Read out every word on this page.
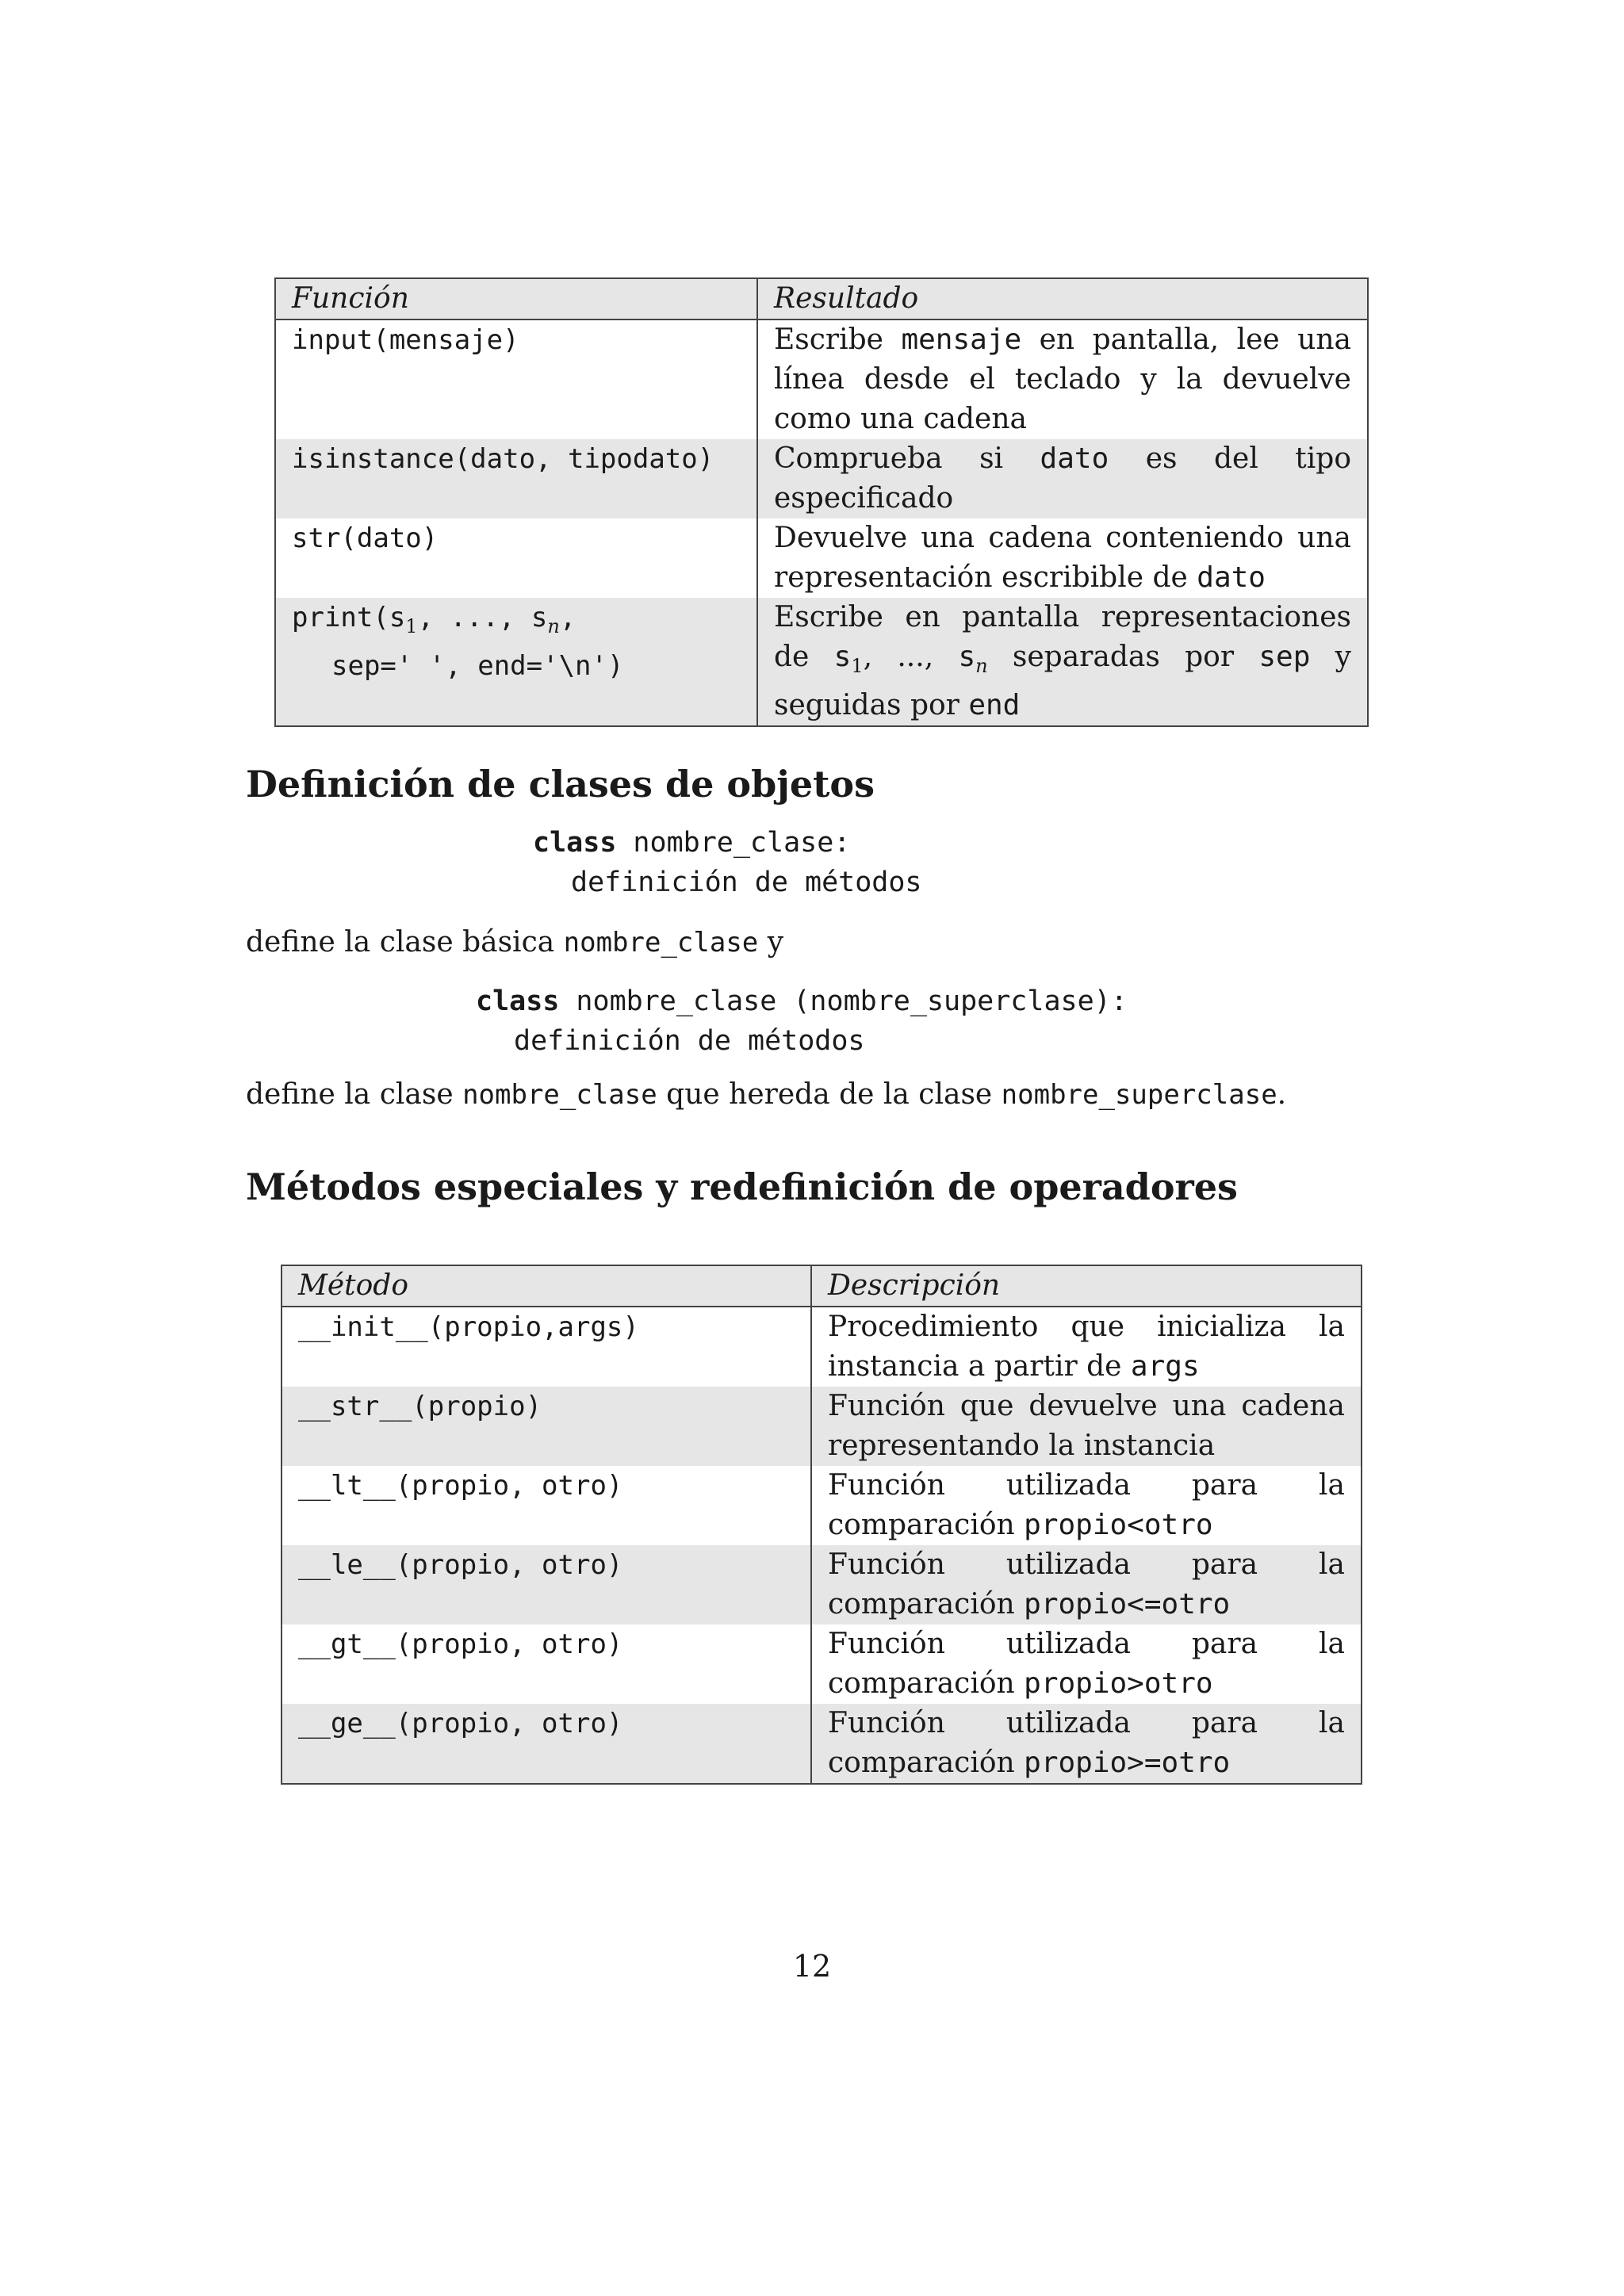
Función	Resultado
input(mensaje)	Escribe mensaje en pantalla, lee una línea desde el teclado y la devuelve como una cadena
isinstance(dato, tipodato)	Comprueba si dato es del tipo especificado
str(dato)	Devuelve una cadena conteniendo una representación escribible de dato

$print(s_1$, ..., $s_n$,
sep=' ', end='\n')	Escribe en pantalla representaciones de $s_1$, ..., $s_n$ separadas por sep y seguidas por end
Definición de clases de objetos
class nombre_clase:
definición de métodos
define la clase básica nombre_clase y
class nombre_clase (nombre_superclase):
definición de métodos
define la clase nombre_clase que hereda de la clase nombre_superclase.
Métodos especiales y redefinición de operadores
Método	Descripción
__init__(propio,args)	Procedimiento que inicializa la instancia a partir de args
__str__(propio)	Función que devuelve una cadena representando la instancia
__lt__(propio, otro)	Función utilizada para la comparación propio<otro
__le__(propio, otro)	Función utilizada para la comparación propio<=otro
__gt__(propio, otro)	Función utilizada para la comparación propio>otro
__ge__(propio, otro)	Función utilizada para la comparación propio>=otro
12
